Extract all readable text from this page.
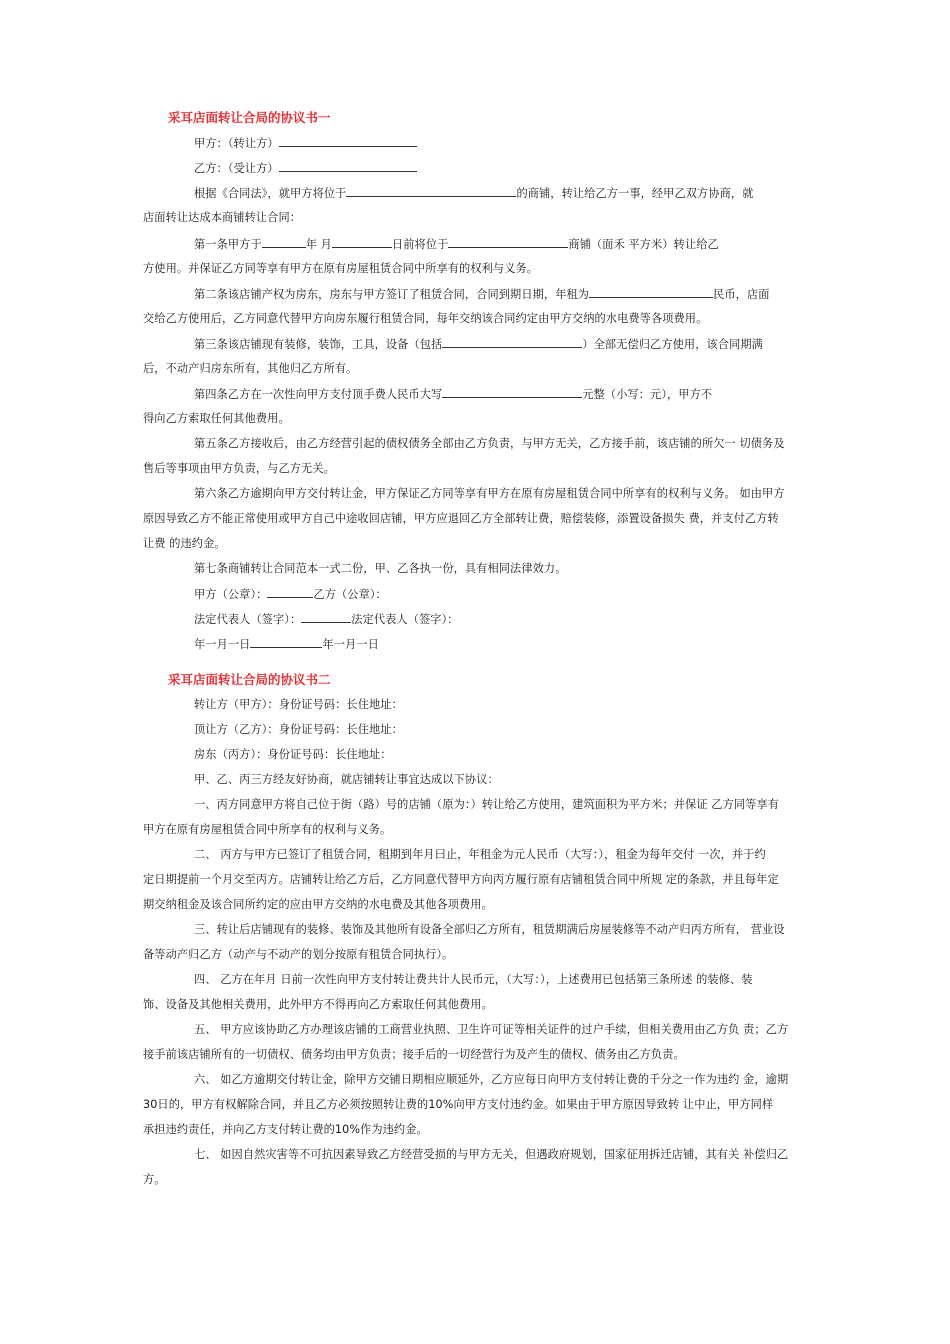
采耳店面转让合局的协议书一
甲方：（转让方）
乙方：（受让方）
根据《合同法》，就甲方将位于	的商铺，转让给乙方一事，经甲乙双方协商，就
店面转让达成本商铺转让合同：
第一条甲方于	年 月	日前将位于	商铺（面禾 平方米）转让给乙
方使用。并保证乙方同等享有甲方在原有房屋租赁合同中所享有的权利与义务。
第二条该店铺产权为房东，房东与甲方签订了租赁合同，合同到期日期，年租为	民币，店面
交给乙方使用后，乙方同意代替甲方向房东履行租赁合同，每年交纳该合同约定由甲方交纳的水电费等各项费用。
第三条该店铺现有装修，装饰，工具，设备（包括	）全部无偿归乙方使用，该合同期满
后，不动产归房东所有，其他归乙方所有。
第四条乙方在一次性向甲方支付顶手费人民币大写	元整（小写：元），甲方不
得向乙方索取任何其他费用。
第五条乙方接收后，由乙方经营引起的债权债务全部由乙方负责，与甲方无关，乙方接手前，该店铺的所欠一 切债务及
售后等事项由甲方负责，与乙方无关。
第六条乙方逾期向甲方交付转让金，甲方保证乙方同等享有甲方在原有房屋租赁合同中所享有的权利与义务。 如由甲方
原因导致乙方不能正常使用或甲方自己中途收回店铺，甲方应退回乙方全部转让费，赔偿装修，添置设备损失 费，并支付乙方转
让费 的违约金。
第七条商铺转让合同范本一式二份，甲、乙各执一份，具有相同法律效力。
甲方（公章）：	乙方（公章）：
法定代表人（签字）：	法定代表人（签字）：
年一月一日	年一月一日
采耳店面转让合局的协议书二
转让方（甲方）：身份证号码：长住地址：
顶让方（乙方）：身份证号码：长住地址：
房东（丙方）：身份证号码：长住地址：
甲、乙、丙三方经友好协商，就店铺转让事宜达成以下协议：
一、丙方同意甲方将自己位于街（路）号的店铺（原为：）转让给乙方使用，建筑面积为平方米；并保证 乙方同等享有
甲方在原有房屋租赁合同中所享有的权利与义务。
二、 丙方与甲方已签订了租赁合同，租期到年月曰止，年租金为元人民币（大写：），租金为每年交付 一次，并于约
定日期提前一个月交至丙方。店铺转让给乙方后，乙方同意代替甲方向丙方履行原有店铺租赁合同中所规 定的条款，并且每年定
期交纳租金及该合同所约定的应由甲方交纳的水电费及其他各项费用。
三、转让后店铺现有的装修、装饰及其他所有设备全部归乙方所有，租赁期满后房屋装修等不动产归丙方所有， 营业设
备等动产归乙方（动产与不动产的划分按原有租赁合同执行）。
四、 乙方在年月 日前一次性向甲方支付转让费共计人民币元，（大写：），上述费用已包括第三条所述 的装修、装
饰、设备及其他相关费用，此外甲方不得再向乙方索取任何其他费用。
五、 甲方应该协助乙方办理该店铺的工商营业执照、卫生许可证等相关证件的过户手续，但相关费用由乙方负 责；乙方
接手前该店铺所有的一切债权、债务均由甲方负责；接手后的一切经营行为及产生的债权、债务由乙方负责。
六、 如乙方逾期交付转让金，除甲方交铺日期相应顺延外，乙方应每日向甲方支付转让费的千分之一作为违约 金，逾期
30日的，甲方有权解除合同，并且乙方必须按照转让费的10%向甲方支付违约金。如果由于甲方原因导致转 让中止，甲方同样
承担违约责任，并向乙方支付转让费的10%作为违约金。
七、 如因自然灾害等不可抗因素导致乙方经营受损的与甲方无关，但遇政府规划，国家征用拆迁店铺，其有关 补偿归乙
方。
